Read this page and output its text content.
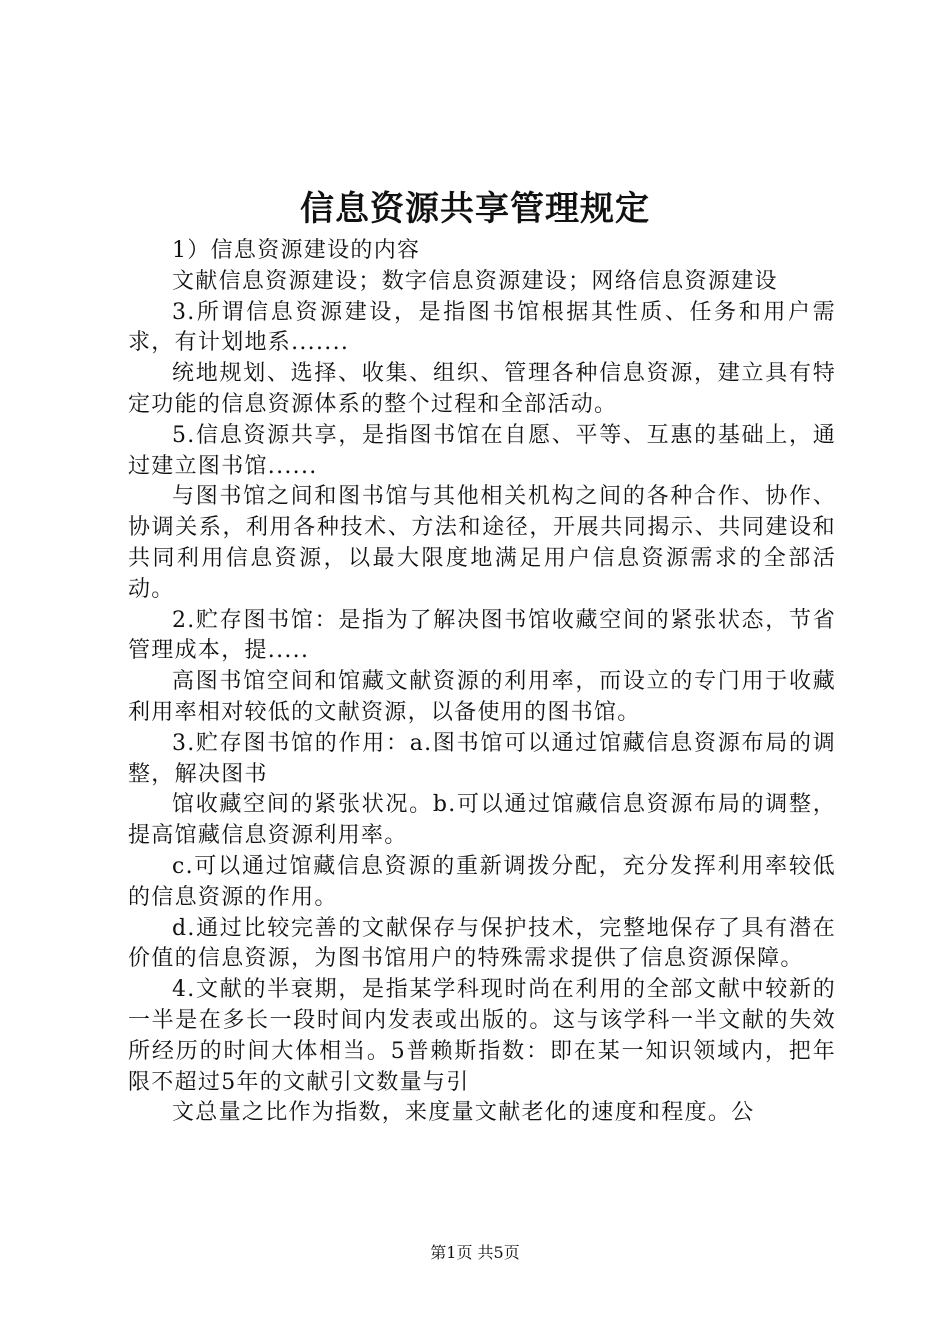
信息资源共享管理规定

1）信息资源建设的内容

文献信息资源建设；数字信息资源建设；网络信息资源建设

3.所谓信息资源建设，是指图书馆根据其性质、任务和用户需求，有计划地系.......

统地规划、选择、收集、组织、管理各种信息资源，建立具有特定功能的信息资源体系的整个过程和全部活动。

5.信息资源共享，是指图书馆在自愿、平等、互惠的基础上，通过建立图书馆......

与图书馆之间和图书馆与其他相关机构之间的各种合作、协作、协调关系，利用各种技术、方法和途径，开展共同揭示、共同建设和共同利用信息资源，以最大限度地满足用户信息资源需求的全部活动。

2.贮存图书馆：是指为了解决图书馆收藏空间的紧张状态，节省管理成本，提.....

高图书馆空间和馆藏文献资源的利用率，而设立的专门用于收藏利用率相对较低的文献资源，以备使用的图书馆。

3.贮存图书馆的作用：a.图书馆可以通过馆藏信息资源布局的调整，解决图书

馆收藏空间的紧张状况。b.可以通过馆藏信息资源布局的调整，提高馆藏信息资源利用率。

c.可以通过馆藏信息资源的重新调拨分配，充分发挥利用率较低的信息资源的作用。

d.通过比较完善的文献保存与保护技术，完整地保存了具有潜在价值的信息资源，为图书馆用户的特殊需求提供了信息资源保障。

4.文献的半衰期，是指某学科现时尚在利用的全部文献中较新的一半是在多长一段时间内发表或出版的。这与该学科一半文献的失效所经历的时间大体相当。5普赖斯指数：即在某一知识领域内，把年限不超过5年的文献引文数量与引

文总量之比作为指数，来度量文献老化的速度和程度。公

第1页 共5页
